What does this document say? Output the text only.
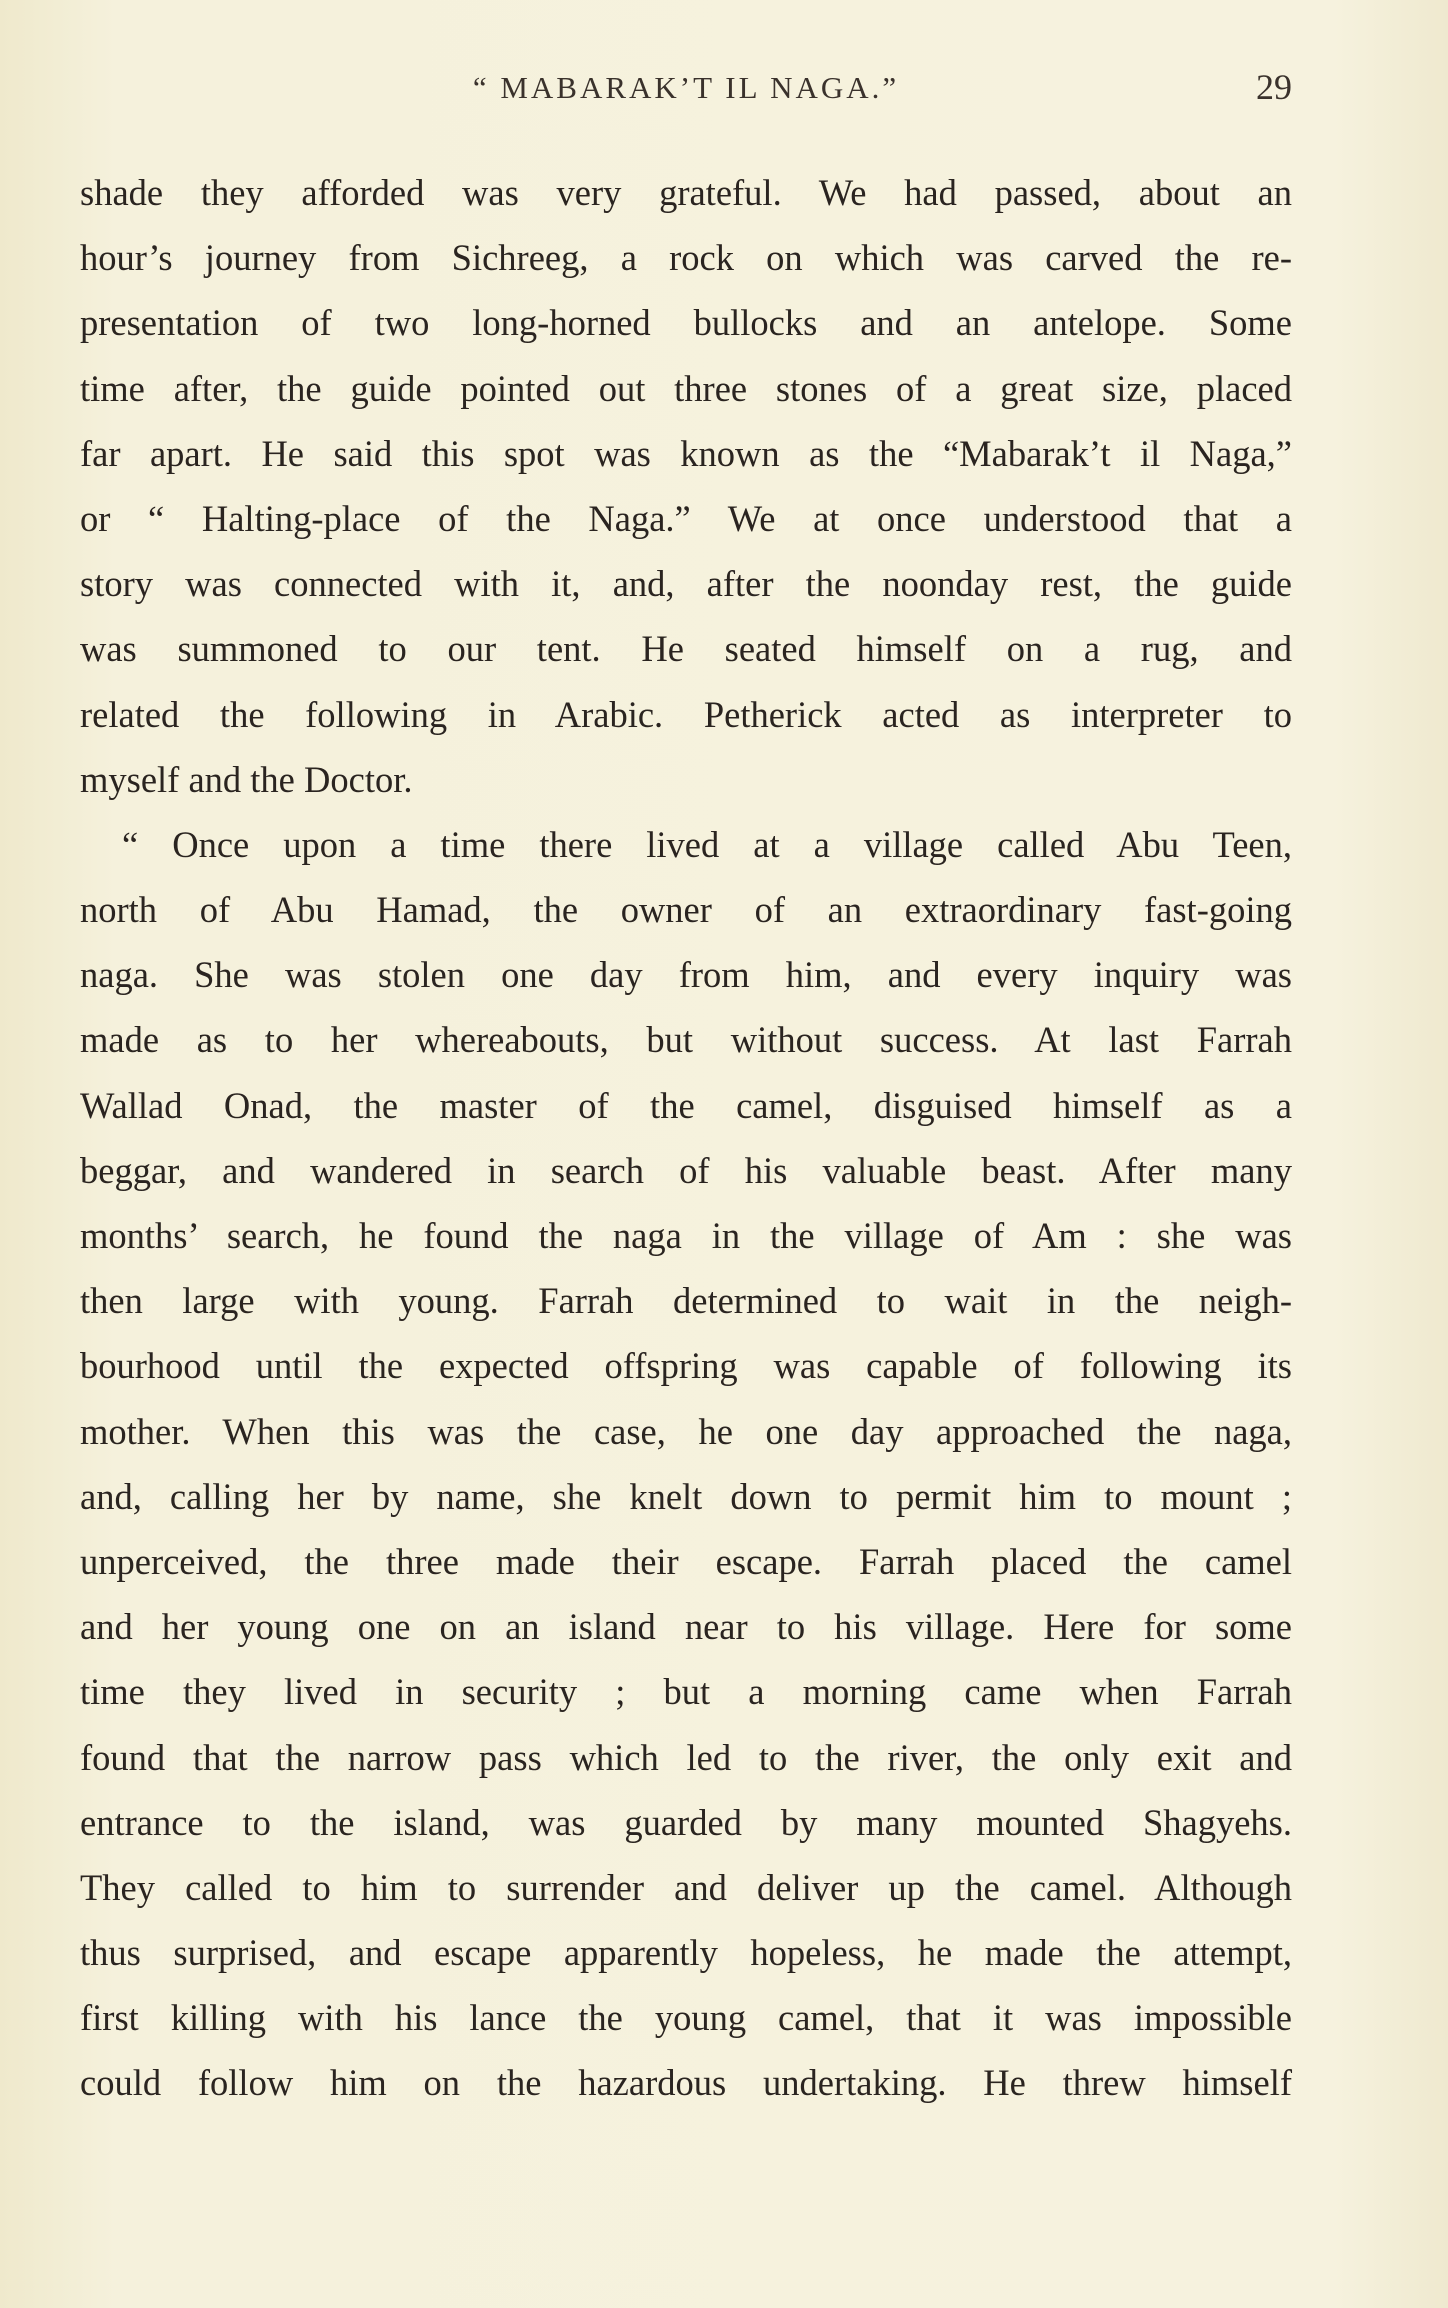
“ MABARAK’T IL NAGA.”	29
shade they afforded was very grateful. We had passed, about an
hour’s journey from Sichreeg, a rock on which was carved the re-
presentation of two long-horned bullocks and an antelope. Some
time after, the guide pointed out three stones of a great size, placed
far apart. He said this spot was known as the “Mabarak’t il Naga,”
or “ Halting-place of the Naga.” We at once understood that a
story was connected with it, and, after the noonday rest, the guide
was summoned to our tent. He seated himself on a rug, and
related the following in Arabic. Petherick acted as interpreter to
myself and the Doctor.
“ Once upon a time there lived at a village called Abu Teen,
north of Abu Hamad, the owner of an extraordinary fast-going
naga. She was stolen one day from him, and every inquiry was
made as to her whereabouts, but without success. At last Farrah
Wallad Onad, the master of the camel, disguised himself as a
beggar, and wandered in search of his valuable beast. After many
months’ search, he found the naga in the village of Am : she was
then large with young. Farrah determined to wait in the neigh-
bourhood until the expected offspring was capable of following its
mother. When this was the case, he one day approached the naga,
and, calling her by name, she knelt down to permit him to mount ;
unperceived, the three made their escape. Farrah placed the camel
and her young one on an island near to his village. Here for some
time they lived in security ; but a morning came when Farrah
found that the narrow pass which led to the river, the only exit and
entrance to the island, was guarded by many mounted Shagyehs.
They called to him to surrender and deliver up the camel. Although
thus surprised, and escape apparently hopeless, he made the attempt,
first killing with his lance the young camel, that it was impossible
could follow him on the hazardous undertaking. He threw himself
